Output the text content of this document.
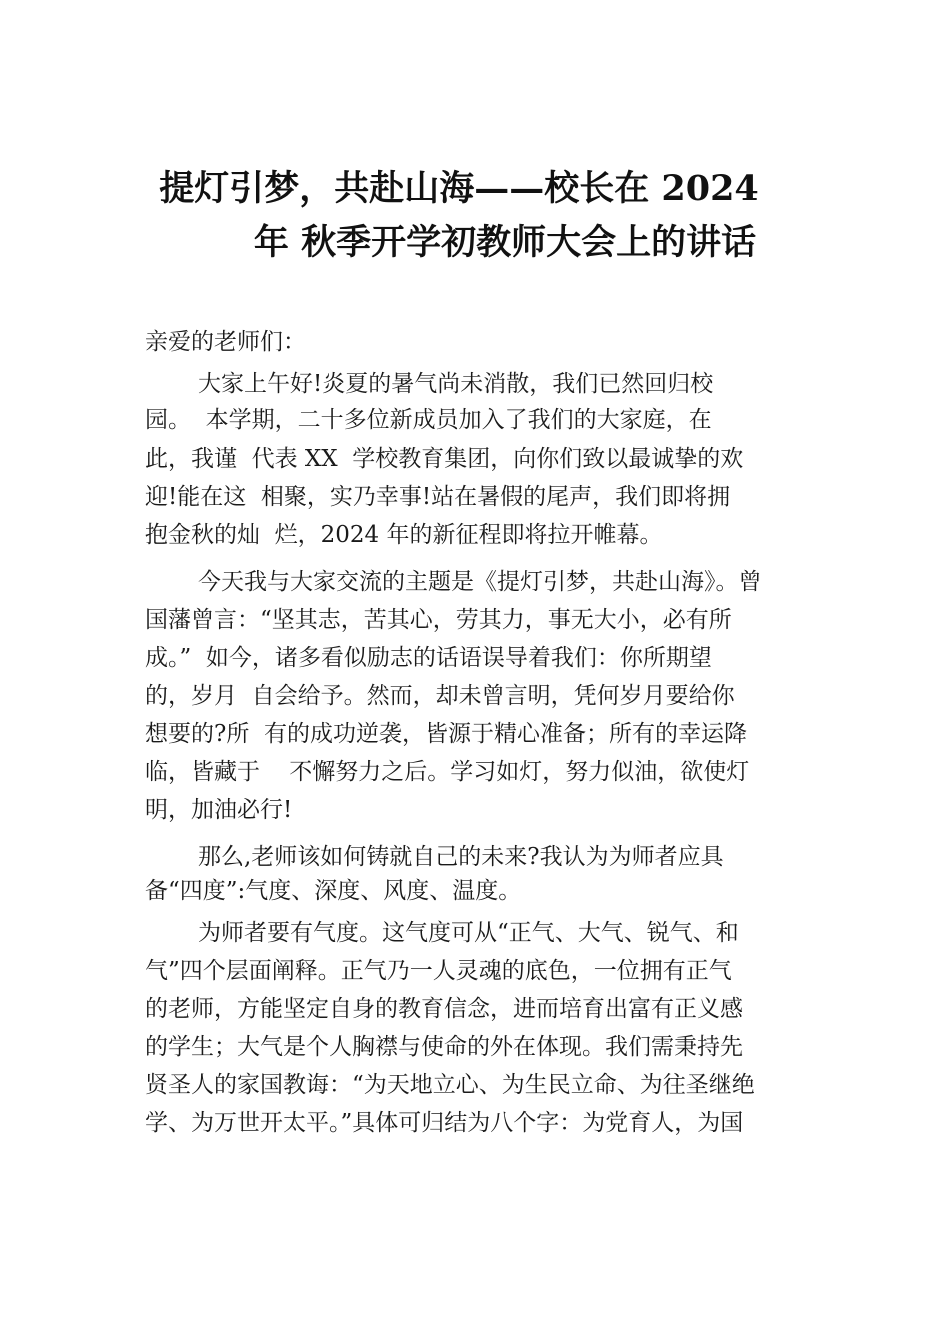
提灯引梦，共赴山海——校长在 2024
年 秋季开学初教师大会上的讲话
亲爱的老师们：
大家上午好!炎夏的暑气尚未消散，我们已然回归校
园。  本学期，二十多位新成员加入了我们的大家庭，在
此，我谨  代表 XX  学校教育集团，向你们致以最诚挚的欢
迎!能在这  相聚，实乃幸事!站在暑假的尾声，我们即将拥
抱金秋的灿  烂，2024 年的新征程即将拉开帷幕。
今天我与大家交流的主题是《提灯引梦，共赴山海》。曾
国藩曾言：“坚其志，苦其心，劳其力，事无大小，必有所
成。”  如今，诸多看似励志的话语误导着我们：你所期望
的，岁月  自会给予。然而，却未曾言明，凭何岁月要给你
想要的?所  有的成功逆袭，皆源于精心准备；所有的幸运降
临，皆藏于    不懈努力之后。学习如灯，努力似油，欲使灯
明，加油必行!
那么,老师该如何铸就自己的未来?我认为为师者应具
备“四度”:气度、深度、风度、温度。
为师者要有气度。这气度可从“正气、大气、锐气、和
气”四个层面阐释。正气乃一人灵魂的底色，一位拥有正气
的老师，方能坚定自身的教育信念，进而培育出富有正义感
的学生；大气是个人胸襟与使命的外在体现。我们需秉持先
贤圣人的家国教诲：“为天地立心、为生民立命、为往圣继绝
学、为万世开太平。”具体可归结为八个字：为党育人，为国
